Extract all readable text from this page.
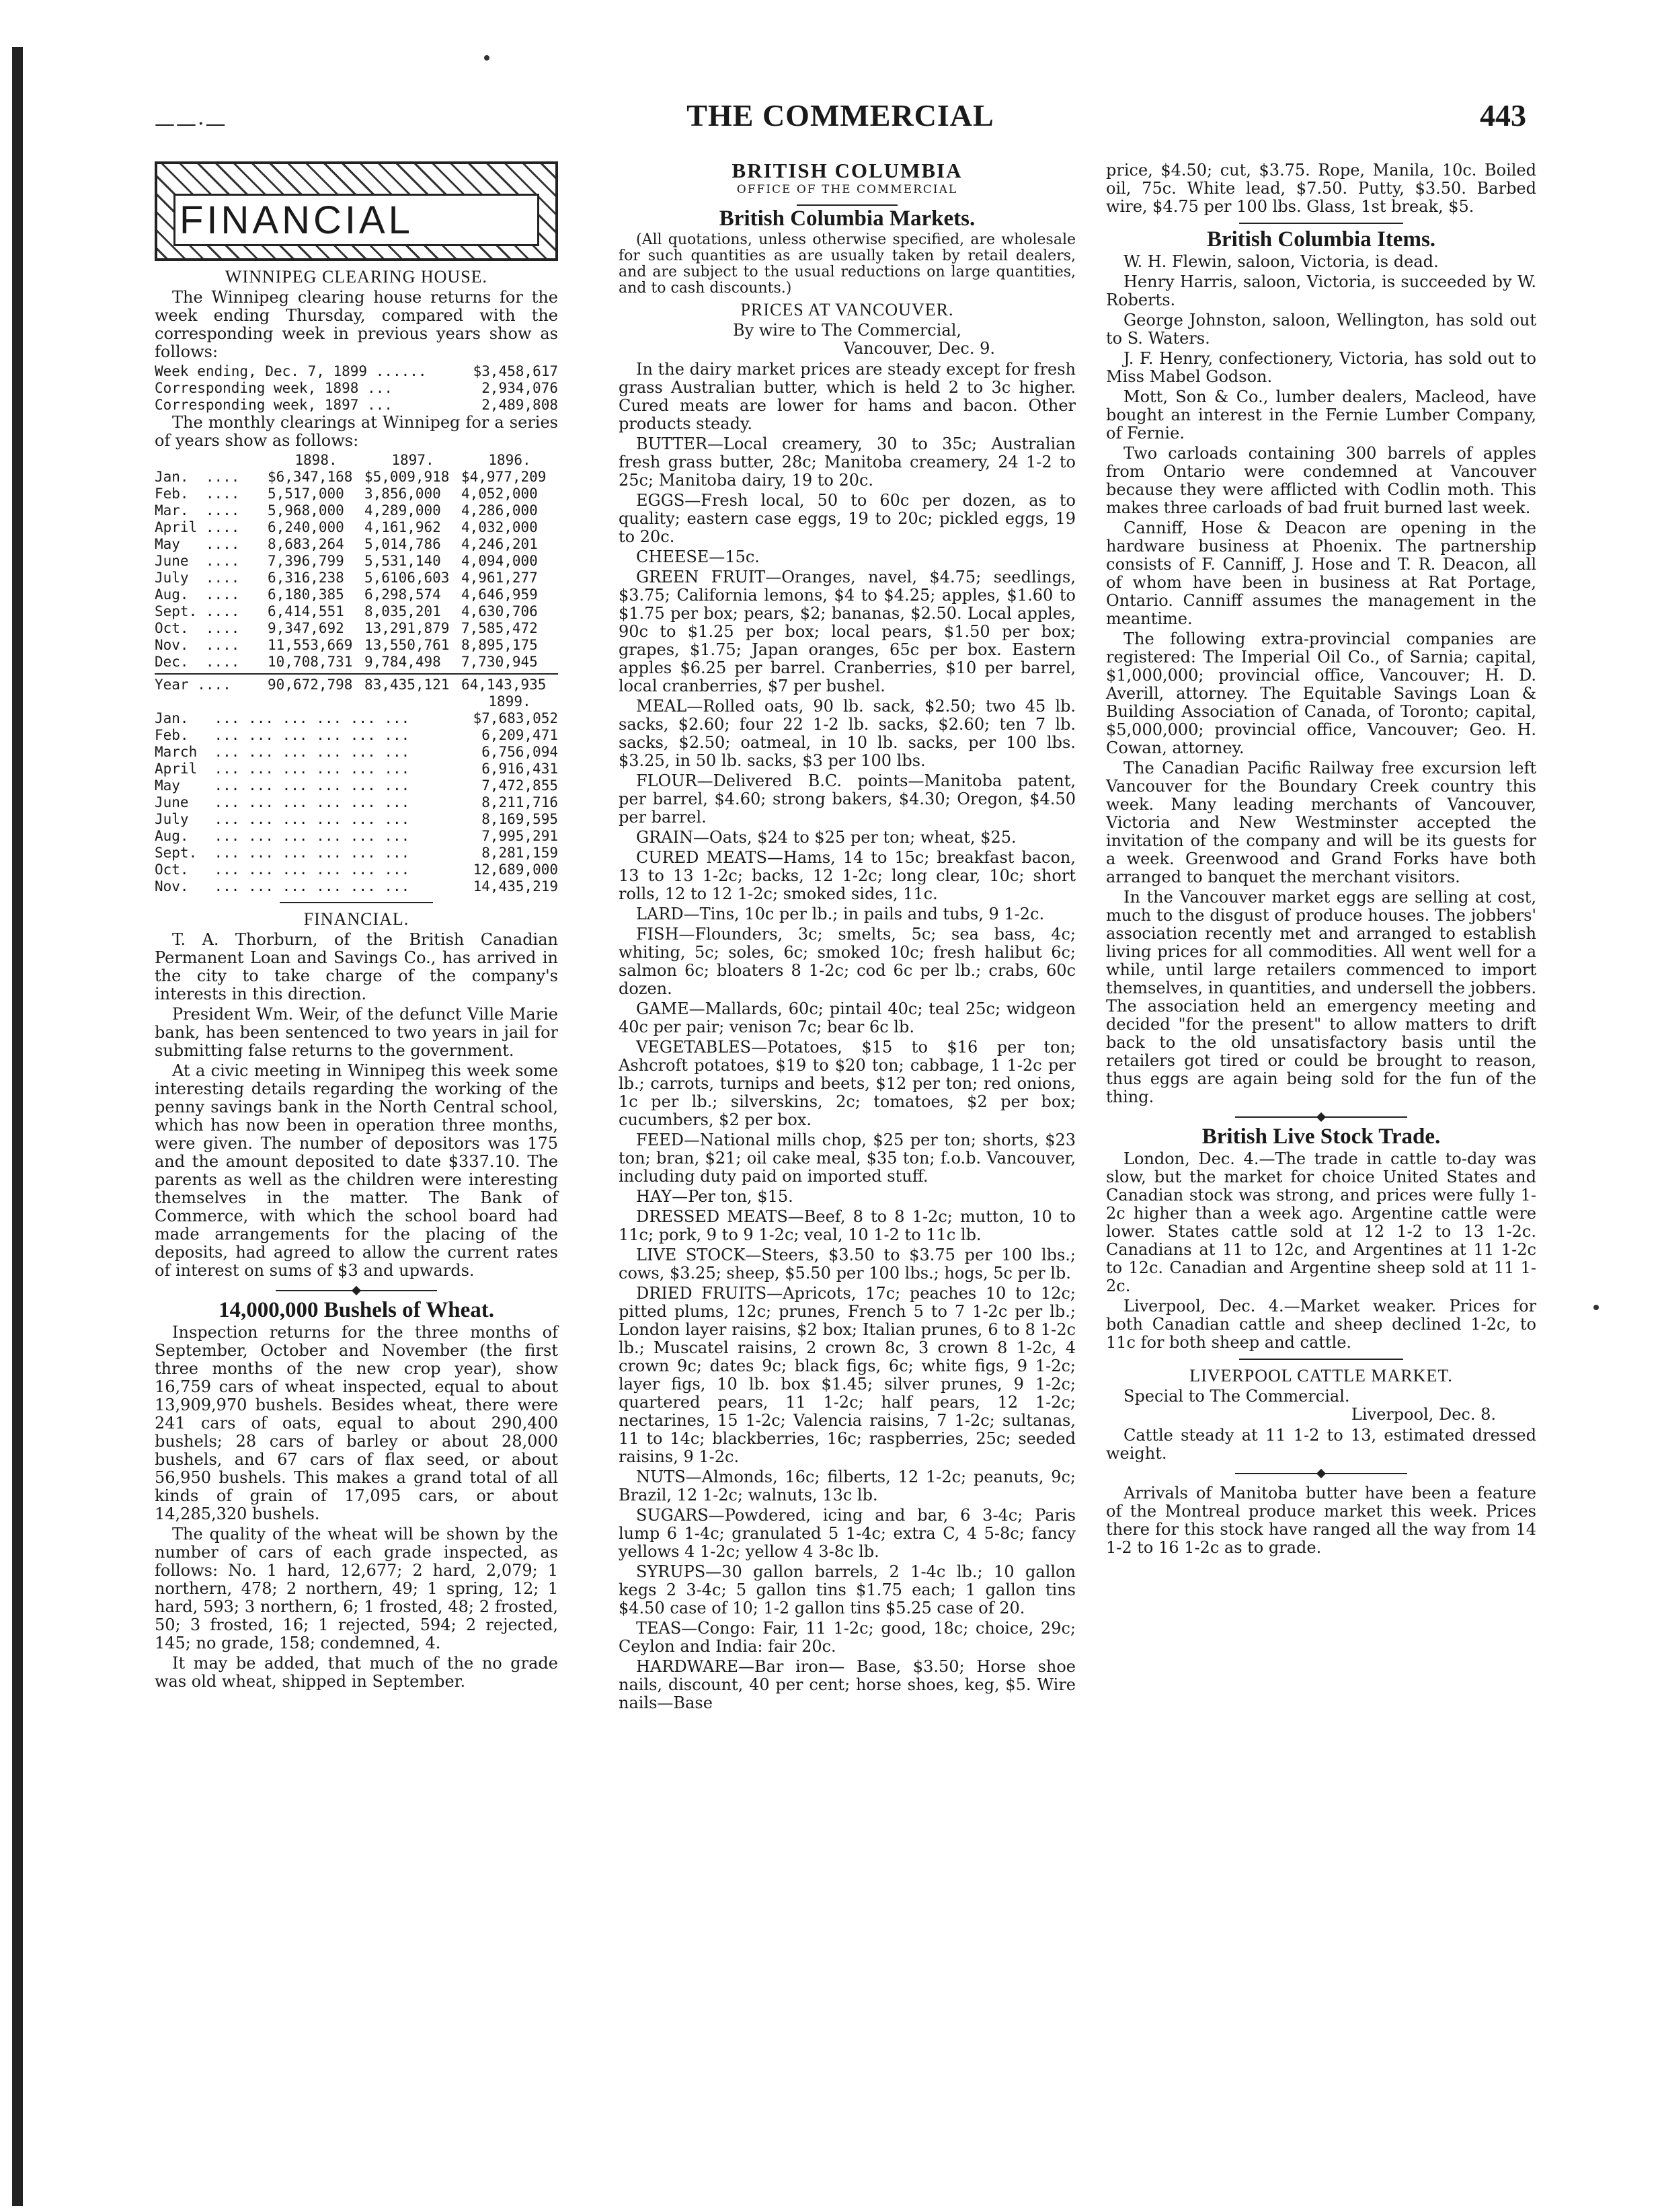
——·—	THE COMMERCIAL	443
FINANCIAL
WINNIPEG CLEARING HOUSE.

The Winnipeg clearing house returns for the week ending Thursday, compared with the corresponding week in previous years show as follows:

Week ending, Dec. 7, 1899 ......	$3,458,617
Corresponding week, 1898 ...	2,934,076
Corresponding week, 1897 ...	2,489,808

The monthly clearings at Winnipeg for a series of years show as follows:

1898.	1897.	1896.
Jan.  ....	$6,347,168 $5,009,918 $4,977,209
Feb.  ....	5,517,000	3,856,000	4,052,000
Mar.  ....	5,968,000	4,289,000	4,286,000
April ....	6,240,000	4,161,962	4,032,000
May   ....	8,683,264	5,014,786	4,246,201
June  ....	7,396,799	5,531,140	4,094,000
July  ....	6,316,238	5,6106,603 4,961,277
Aug.  ....	6,180,385	6,298,574	4,646,959
Sept. ....	6,414,551	8,035,201	4,630,706
Oct.  ....	9,347,692	13,291,879 7,585,472
Nov.  ....	11,553,669 13,550,761 8,895,175
Dec.  ....	10,708,731 9,784,498	7,730,945
Year ....	90,672,798 83,435,121 64,143,935
1899.
Jan.   ... ... ... ... ... ...	$7,683,052
Feb.   ... ... ... ... ... ...	6,209,471
March  ... ... ... ... ... ...	6,756,094
April  ... ... ... ... ... ...	6,916,431
May    ... ... ... ... ... ...	7,472,855
June   ... ... ... ... ... ...	8,211,716
July   ... ... ... ... ... ...	8,169,595
Aug.   ... ... ... ... ... ...	7,995,291
Sept.  ... ... ... ... ... ...	8,281,159
Oct.   ... ... ... ... ... ...	12,689,000
Nov.   ... ... ... ... ... ...	14,435,219
FINANCIAL.

T. A. Thorburn, of the British Canadian Permanent Loan and Savings Co., has arrived in the city to take charge of the company's interests in this direction.

President Wm. Weir, of the defunct Ville Marie bank, has been sentenced to two years in jail for submitting false returns to the government.

At a civic meeting in Winnipeg this week some interesting details regarding the working of the penny savings bank in the North Central school, which has now been in operation three months, were given. The number of depositors was 175 and the amount deposited to date $337.10. The parents as well as the children were interesting themselves in the matter. The Bank of Commerce, with which the school board had made arrangements for the placing of the deposits, had agreed to allow the current rates of interest on sums of $3 and upwards.

14,000,000 Bushels of Wheat.

Inspection returns for the three months of September, October and November (the first three months of the new crop year), show 16,759 cars of wheat inspected, equal to about 13,909,970 bushels. Besides wheat, there were 241 cars of oats, equal to about 290,400 bushels; 28 cars of barley or about 28,000 bushels, and 67 cars of flax seed, or about 56,950 bushels. This makes a grand total of all kinds of grain of 17,095 cars, or about 14,285,320 bushels.

The quality of the wheat will be shown by the number of cars of each grade inspected, as follows: No. 1 hard, 12,677; 2 hard, 2,079; 1 northern, 478; 2 northern, 49; 1 spring, 12; 1 hard, 593; 3 northern, 6; 1 frosted, 48; 2 frosted, 50; 3 frosted, 16; 1 rejected, 594; 2 rejected, 145; no grade, 158; condemned, 4.

It may be added, that much of the no grade was old wheat, shipped in September.

BRITISH COLUMBIA
OFFICE OF THE COMMERCIAL
British Columbia Markets.

(All quotations, unless otherwise specified, are wholesale for such quantities as are usually taken by retail dealers, and are subject to the usual reductions on large quantities, and to cash discounts.)

PRICES AT VANCOUVER.
By wire to The Commercial,
Vancouver, Dec. 9.

In the dairy market prices are steady except for fresh grass Australian butter, which is held 2 to 3c higher. Cured meats are lower for hams and bacon. Other products steady.

BUTTER—Local creamery, 30 to 35c; Australian fresh grass butter, 28c; Manitoba creamery, 24 1-2 to 25c; Manitoba dairy, 19 to 20c.

EGGS—Fresh local, 50 to 60c per dozen, as to quality; eastern case eggs, 19 to 20c; pickled eggs, 19 to 20c.

CHEESE—15c.

GREEN FRUIT—Oranges, navel, $4.75; seedlings, $3.75; California lemons, $4 to $4.25; apples, $1.60 to $1.75 per box; pears, $2; bananas, $2.50. Local apples, 90c to $1.25 per box; local pears, $1.50 per box; grapes, $1.75; Japan oranges, 65c per box. Eastern apples $6.25 per barrel. Cranberries, $10 per barrel, local cranberries, $7 per bushel.

MEAL—Rolled oats, 90 lb. sack, $2.50; two 45 lb. sacks, $2.60; four 22 1-2 lb. sacks, $2.60; ten 7 lb. sacks, $2.50; oatmeal, in 10 lb. sacks, per 100 lbs. $3.25, in 50 lb. sacks, $3 per 100 lbs.

FLOUR—Delivered B.C. points—Manitoba patent, per barrel, $4.60; strong bakers, $4.30; Oregon, $4.50 per barrel.

GRAIN—Oats, $24 to $25 per ton; wheat, $25.

CURED MEATS—Hams, 14 to 15c; breakfast bacon, 13 to 13 1-2c; backs, 12 1-2c; long clear, 10c; short rolls, 12 to 12 1-2c; smoked sides, 11c.

LARD—Tins, 10c per lb.; in pails and tubs, 9 1-2c.

FISH—Flounders, 3c; smelts, 5c; sea bass, 4c; whiting, 5c; soles, 6c; smoked 10c; fresh halibut 6c; salmon 6c; bloaters 8 1-2c; cod 6c per lb.; crabs, 60c dozen.

GAME—Mallards, 60c; pintail 40c; teal 25c; widgeon 40c per pair; venison 7c; bear 6c lb.

VEGETABLES—Potatoes, $15 to $16 per ton; Ashcroft potatoes, $19 to $20 ton; cabbage, 1 1-2c per lb.; carrots, turnips and beets, $12 per ton; red onions, 1c per lb.; silverskins, 2c; tomatoes, $2 per box; cucumbers, $2 per box.

FEED—National mills chop, $25 per ton; shorts, $23 ton; bran, $21; oil cake meal, $35 ton; f.o.b. Vancouver, including duty paid on imported stuff.

HAY—Per ton, $15.

DRESSED MEATS—Beef, 8 to 8 1-2c; mutton, 10 to 11c; pork, 9 to 9 1-2c; veal, 10 1-2 to 11c lb.

LIVE STOCK—Steers, $3.50 to $3.75 per 100 lbs.; cows, $3.25; sheep, $5.50 per 100 lbs.; hogs, 5c per lb.

DRIED FRUITS—Apricots, 17c; peaches 10 to 12c; pitted plums, 12c; prunes, French 5 to 7 1-2c per lb.; London layer raisins, $2 box; Italian prunes, 6 to 8 1-2c lb.; Muscatel raisins, 2 crown 8c, 3 crown 8 1-2c, 4 crown 9c; dates 9c; black figs, 6c; white figs, 9 1-2c; layer figs, 10 lb. box $1.45; silver prunes, 9 1-2c; quartered pears, 11 1-2c; half pears, 12 1-2c; nectarines, 15 1-2c; Valencia raisins, 7 1-2c; sultanas, 11 to 14c; blackberries, 16c; raspberries, 25c; seeded raisins, 9 1-2c.

NUTS—Almonds, 16c; filberts, 12 1-2c; peanuts, 9c; Brazil, 12 1-2c; walnuts, 13c lb.

SUGARS—Powdered, icing and bar, 6 3-4c; Paris lump 6 1-4c; granulated 5 1-4c; extra C, 4 5-8c; fancy yellows 4 1-2c; yellow 4 3-8c lb.

SYRUPS—30 gallon barrels, 2 1-4c lb.; 10 gallon kegs 2 3-4c; 5 gallon tins $1.75 each; 1 gallon tins $4.50 case of 10; 1-2 gallon tins $5.25 case of 20.

TEAS—Congo: Fair, 11 1-2c; good, 18c; choice, 29c; Ceylon and India: fair 20c.

HARDWARE—Bar iron— Base, $3.50; Horse shoe nails, discount, 40 per cent; horse shoes, keg, $5. Wire nails—Base

price, $4.50; cut, $3.75. Rope, Manila, 10c. Boiled oil, 75c. White lead, $7.50. Putty, $3.50. Barbed wire, $4.75 per 100 lbs. Glass, 1st break, $5.

British Columbia Items.

W. H. Flewin, saloon, Victoria, is dead.

Henry Harris, saloon, Victoria, is succeeded by W. Roberts.

George Johnston, saloon, Wellington, has sold out to S. Waters.

J. F. Henry, confectionery, Victoria, has sold out to Miss Mabel Godson.

Mott, Son & Co., lumber dealers, Macleod, have bought an interest in the Fernie Lumber Company, of Fernie.

Two carloads containing 300 barrels of apples from Ontario were condemned at Vancouver because they were afflicted with Codlin moth. This makes three carloads of bad fruit burned last week.

Canniff, Hose & Deacon are opening in the hardware business at Phoenix. The partnership consists of F. Canniff, J. Hose and T. R. Deacon, all of whom have been in business at Rat Portage, Ontario. Canniff assumes the management in the meantime.

The following extra-provincial companies are registered: The Imperial Oil Co., of Sarnia; capital, $1,000,000; provincial office, Vancouver; H. D. Averill, attorney. The Equitable Savings Loan & Building Association of Canada, of Toronto; capital, $5,000,000; provincial office, Vancouver; Geo. H. Cowan, attorney.

The Canadian Pacific Railway free excursion left Vancouver for the Boundary Creek country this week. Many leading merchants of Vancouver, Victoria and New Westminster accepted the invitation of the company and will be its guests for a week. Greenwood and Grand Forks have both arranged to banquet the merchant visitors.

In the Vancouver market eggs are selling at cost, much to the disgust of produce houses. The jobbers' association recently met and arranged to establish living prices for all commodities. All went well for a while, until large retailers commenced to import themselves, in quantities, and undersell the jobbers. The association held an emergency meeting and decided "for the present" to allow matters to drift back to the old unsatisfactory basis until the retailers got tired or could be brought to reason, thus eggs are again being sold for the fun of the thing.

British Live Stock Trade.

London, Dec. 4.—The trade in cattle to-day was slow, but the market for choice United States and Canadian stock was strong, and prices were fully 1-2c higher than a week ago. Argentine cattle were lower. States cattle sold at 12 1-2 to 13 1-2c. Canadians at 11 to 12c, and Argentines at 11 1-2c to 12c. Canadian and Argentine sheep sold at 11 1-2c.

Liverpool, Dec. 4.—Market weaker. Prices for both Canadian cattle and sheep declined 1-2c, to 11c for both sheep and cattle.

LIVERPOOL CATTLE MARKET.
Special to The Commercial.
Liverpool, Dec. 8.

Cattle steady at 11 1-2 to 13, estimated dressed weight.

Arrivals of Manitoba butter have been a feature of the Montreal produce market this week. Prices there for this stock have ranged all the way from 14 1-2 to 16 1-2c as to grade.
